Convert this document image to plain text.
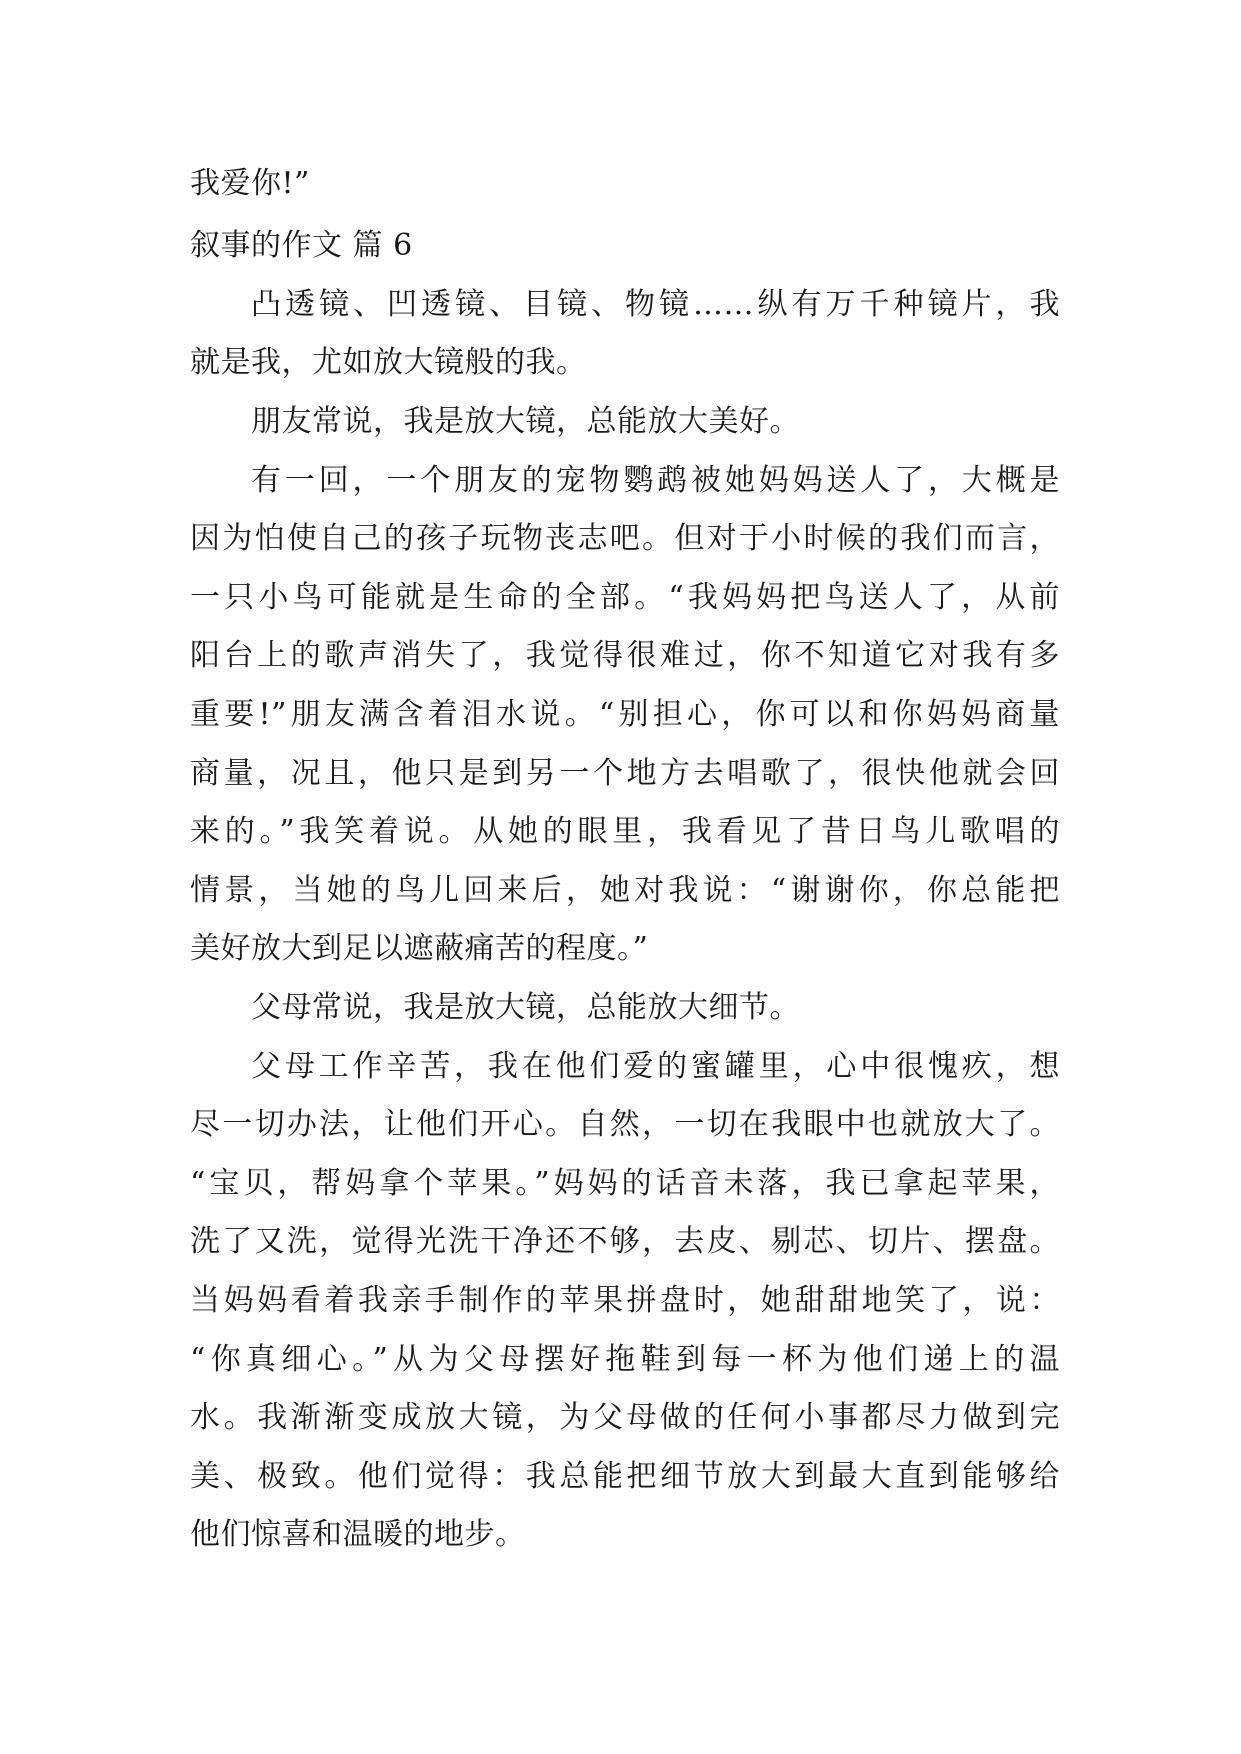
我爱你!”
叙事的作文 篇 6
凸透镜、凹透镜、目镜、物镜……纵有万千种镜片，我
就是我，尤如放大镜般的我。
朋友常说，我是放大镜，总能放大美好。
有一回，一个朋友的宠物鹦鹉被她妈妈送人了，大概是
因为怕使自己的孩子玩物丧志吧。但对于小时候的我们而言，
一只小鸟可能就是生命的全部。“我妈妈把鸟送人了，从前
阳台上的歌声消失了，我觉得很难过，你不知道它对我有多
重要!”朋友满含着泪水说。“别担心，你可以和你妈妈商量
商量，况且，他只是到另一个地方去唱歌了，很快他就会回
来的。”我笑着说。从她的眼里，我看见了昔日鸟儿歌唱的
情景，当她的鸟儿回来后，她对我说：“谢谢你，你总能把
美好放大到足以遮蔽痛苦的程度。”
父母常说，我是放大镜，总能放大细节。
父母工作辛苦，我在他们爱的蜜罐里，心中很愧疚，想
尽一切办法，让他们开心。自然，一切在我眼中也就放大了。
“宝贝，帮妈拿个苹果。”妈妈的话音未落，我已拿起苹果，
洗了又洗，觉得光洗干净还不够，去皮、剔芯、切片、摆盘。
当妈妈看着我亲手制作的苹果拼盘时，她甜甜地笑了，说：
“你真细心。”从为父母摆好拖鞋到每一杯为他们递上的温
水。我渐渐变成放大镜，为父母做的任何小事都尽力做到完
美、极致。他们觉得：我总能把细节放大到最大直到能够给
他们惊喜和温暖的地步。
